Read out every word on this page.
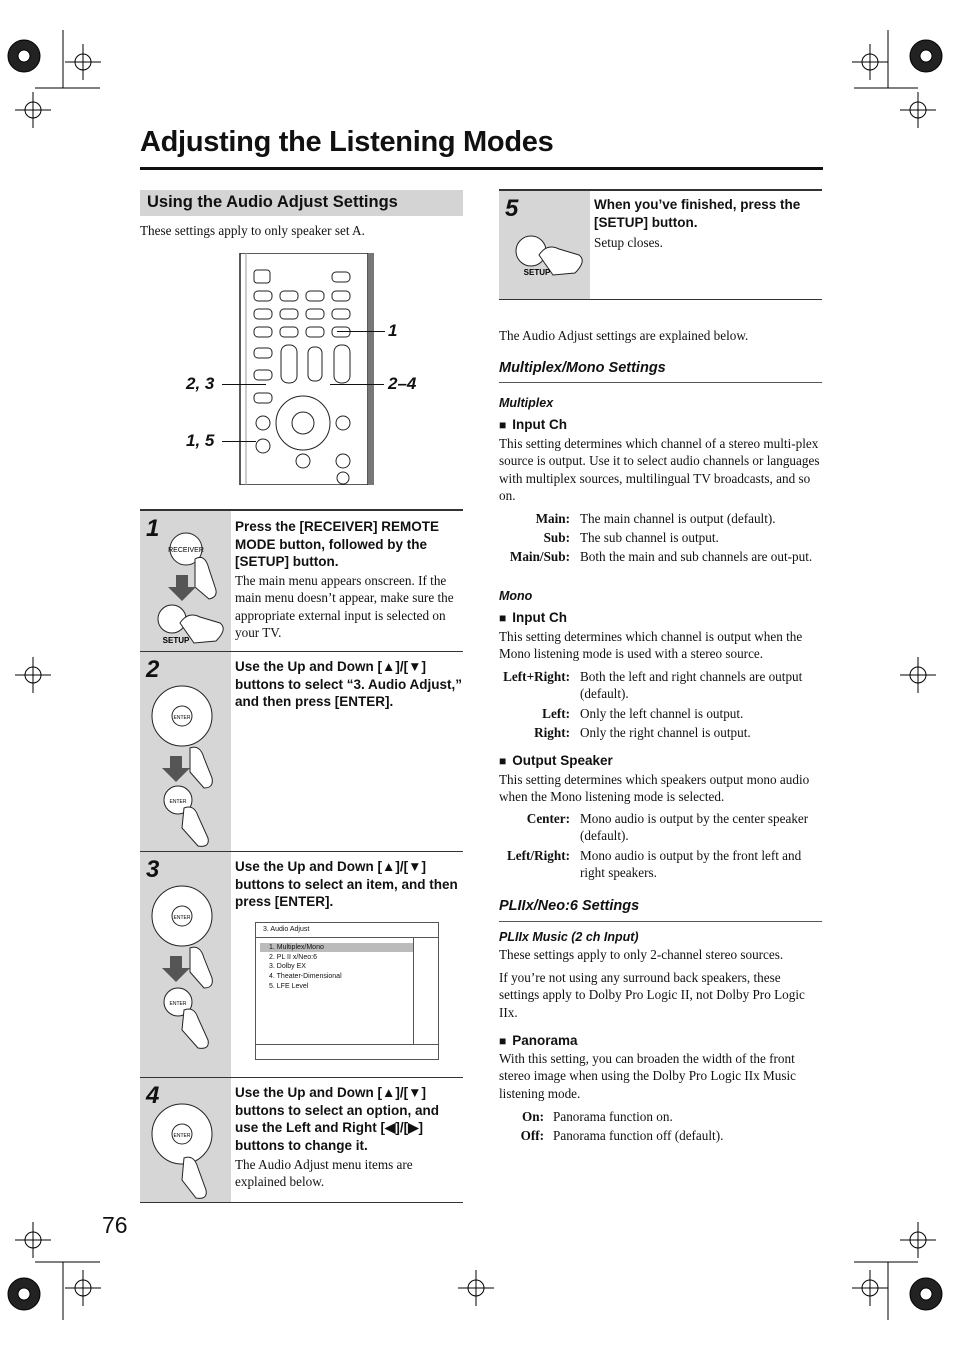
Adjusting the Listening Modes
Using the Audio Adjust Settings
These settings apply to only speaker set A.
1
2, 3	2–4
1, 5
RECEIVER
SETUP
1	Press the [RECEIVER] REMOTE MODE button, followed by the [SETUP] button.
The main menu appears onscreen. If the main menu doesn’t appear, make sure the appropriate external input is selected on your TV.
ENTER
ENTER
2	Use the Up and Down [▲]/[▼] buttons to select “3. Audio Adjust,” and then press [ENTER].
ENTER
ENTER
3	Use the Up and Down [▲]/[▼] buttons to select an item, and then press [ENTER].
3. Audio Adjust
1. Multiplex/Mono
2. PL II x/Neo:6
3. Dolby EX
4. Theater-Dimensional
5. LFE Level
ENTER
4	Use the Up and Down [▲]/[▼] buttons to select an option, and use the Left and Right [◀]/[▶] buttons to change it.
The Audio Adjust menu items are explained below.
76
SETUP
5	When you’ve finished, press the [SETUP] button.
Setup closes.
The Audio Adjust settings are explained below.
Multiplex/Mono Settings
Multiplex
■ Input Ch
This setting determines which channel of a stereo multi-plex source is output. Use it to select audio channels or languages with multiplex sources, multilingual TV broadcasts, and so on.
Main: The main channel is output (default).
Sub: The sub channel is output.
Main/Sub: Both the main and sub channels are out-put.
Mono
■ Input Ch
This setting determines which channel is output when the Mono listening mode is used with a stereo source.
Left+Right: Both the left and right channels are output (default).
Left: Only the left channel is output.
Right: Only the right channel is output.
■ Output Speaker
This setting determines which speakers output mono audio when the Mono listening mode is selected.
Center: Mono audio is output by the center speaker (default).
Left/Right: Mono audio is output by the front left and right speakers.
PLIIx/Neo:6 Settings
PLIIx Music (2 ch Input)
These settings apply to only 2-channel stereo sources.
If you’re not using any surround back speakers, these settings apply to Dolby Pro Logic II, not Dolby Pro Logic IIx.
■ Panorama
With this setting, you can broaden the width of the front stereo image when using the Dolby Pro Logic IIx Music listening mode.
On: Panorama function on.
Off: Panorama function off (default).
